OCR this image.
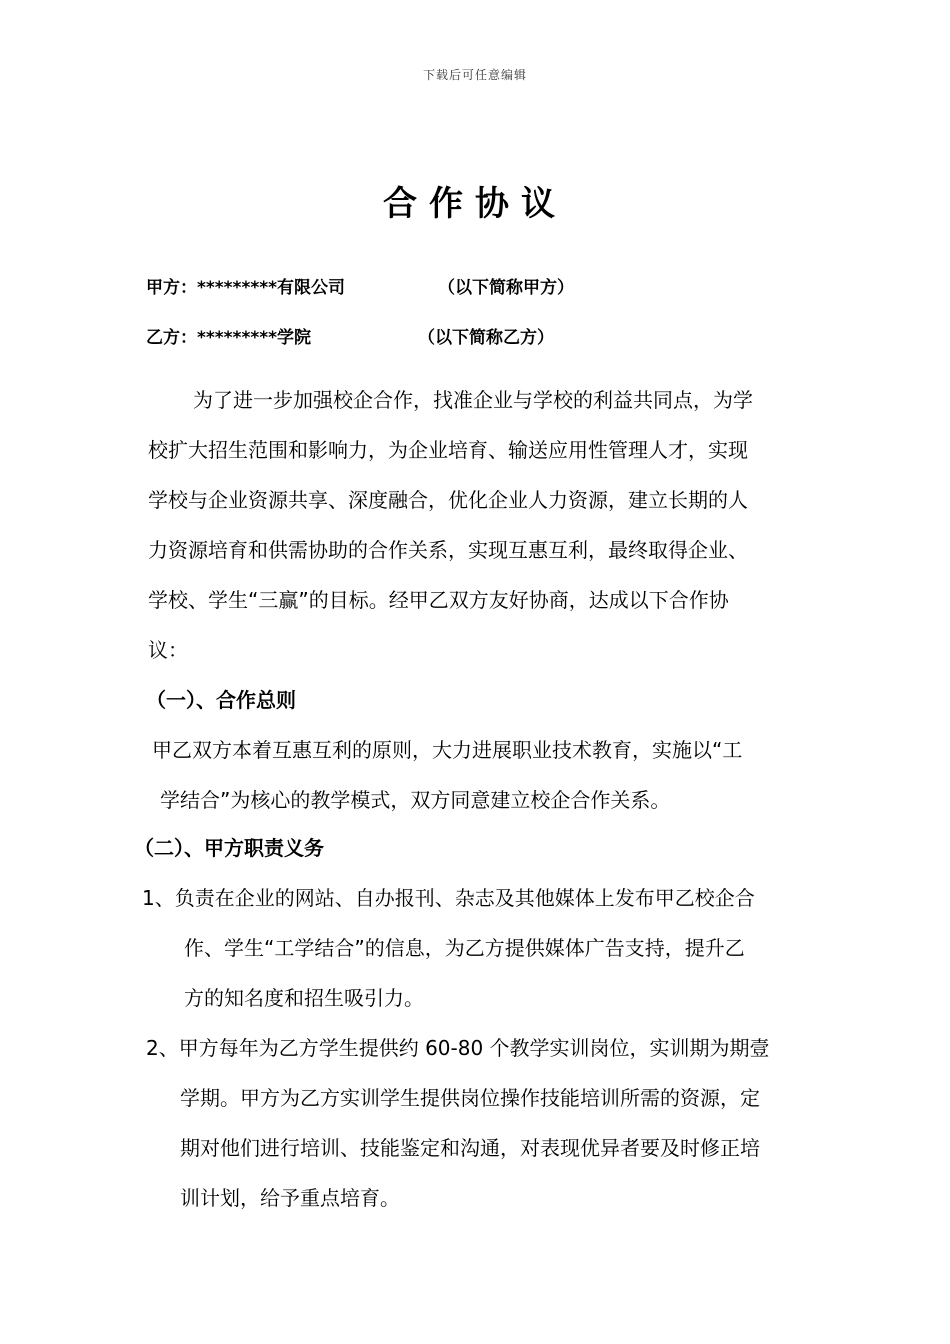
下载后可任意编辑
合作协议
甲方：*********有限公司	（以下简称甲方）
乙方：*********学院	（以下简称乙方）
为了进一步加强校企合作，找准企业与学校的利益共同点，为学
校扩大招生范围和影响力，为企业培育、输送应用性管理人才，实现
学校与企业资源共享、深度融合，优化企业人力资源，建立长期的人
力资源培育和供需协助的合作关系，实现互惠互利，最终取得企业、
学校、学生“三赢”的目标。经甲乙双方友好协商，达成以下合作协
议：
（一）、合作总则
甲乙双方本着互惠互利的原则，大力进展职业技术教育，实施以“工
学结合”为核心的教学模式，双方同意建立校企合作关系。
（二）、甲方职责义务
1、负责在企业的网站、自办报刊、杂志及其他媒体上发布甲乙校企合
作、学生“工学结合”的信息，为乙方提供媒体广告支持，提升乙
方的知名度和招生吸引力。
2、甲方每年为乙方学生提供约 60-80 个教学实训岗位，实训期为期壹
学期。甲方为乙方实训学生提供岗位操作技能培训所需的资源，定
期对他们进行培训、技能鉴定和沟通，对表现优异者要及时修正培
训计划，给予重点培育。
